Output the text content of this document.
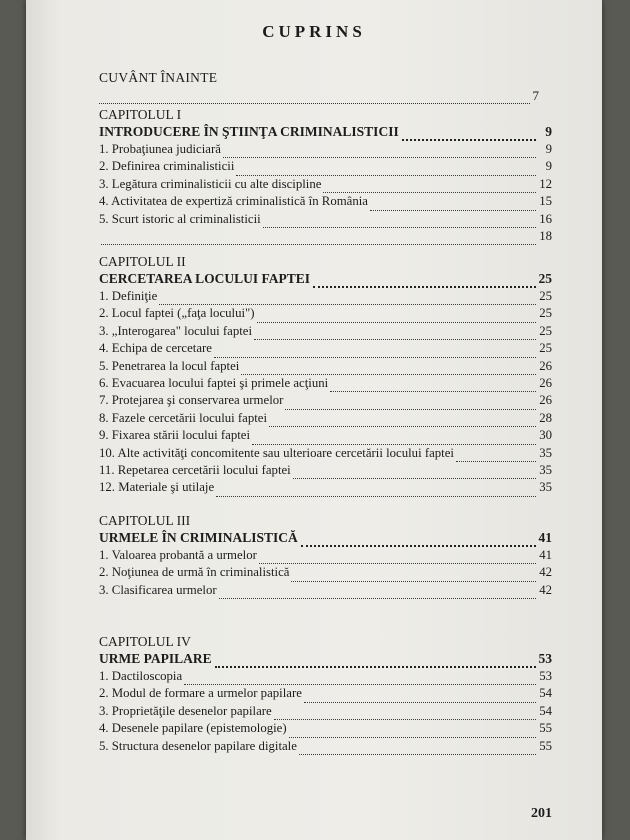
CUPRINS
CUVÂNT ÎNAINTE
7
CAPITOLUL I
INTRODUCERE ÎN ŞTIINŢA CRIMINALISTICII	9
1. Probaţiunea judiciară	9
2. Definirea criminalisticii	9
3. Legătura criminalisticii cu alte discipline	12
4. Activitatea de expertiză criminalistică în România	15
5. Scurt istoric al criminalisticii	16
18
CAPITOLUL II
CERCETAREA LOCULUI FAPTEI	25
1. Definiţie	25
2. Locul faptei („faţa locului")	25
3. „Interogarea" locului faptei	25
4. Echipa de cercetare	25
5. Penetrarea la locul faptei	26
6. Evacuarea locului faptei şi primele acţiuni	26
7. Protejarea şi conservarea urmelor	26
8. Fazele cercetării locului faptei	28
9. Fixarea stării locului faptei	30
10. Alte activităţi concomitente sau ulterioare cercetării locului faptei	35
11. Repetarea cercetării locului faptei	35
12. Materiale şi utilaje	35
CAPITOLUL III
URMELE ÎN CRIMINALISTICĂ	41
1. Valoarea probantă a urmelor	41
2. Noţiunea de urmă în criminalistică	42
3. Clasificarea urmelor	42
CAPITOLUL IV
URME PAPILARE	53
1. Dactiloscopia	53
2. Modul de formare a urmelor papilare	54
3. Proprietăţile desenelor papilare	54
4. Desenele papilare (epistemologie)	55
5. Structura desenelor papilare digitale	55
201
